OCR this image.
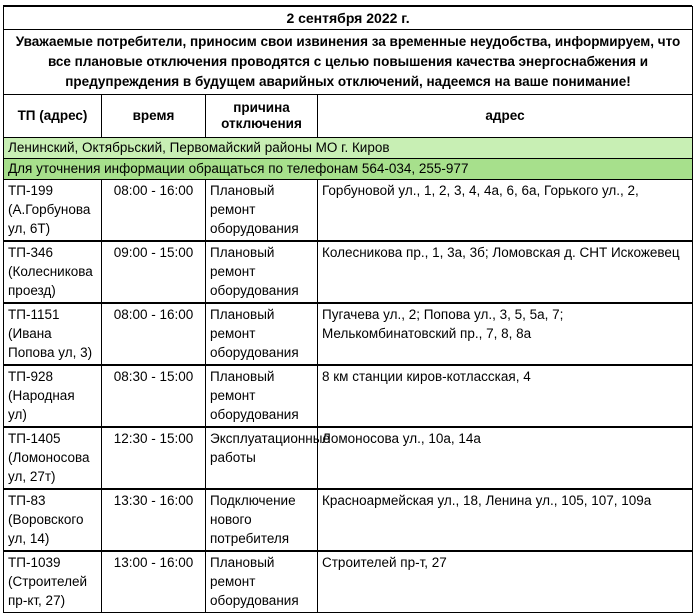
2 сентября 2022 г.			
Уважаемые потребители, приносим свои извинения за временные неудобства, информируем, что все плановые отключения проводятся с целью повышения качества энергоснабжения и предупреждения в будущем аварийных отключений, надеемся на ваше понимание!			
ТП (адрес)	время	причина отключения	адрес
Ленинский, Октябрьский, Первомайский районы МО г. Киров			
Для уточнения информации обращаться по телефонам 564-034, 255-977			
ТП-199 (А.Горбунова ул, 6Т)	08:00 - 16:00	Плановый ремонт оборудования	Горбуновой ул., 1, 2, 3, 4, 4а, 6, 6а, Горького ул., 2,
ТП-346 (Колесникова проезд)	09:00 - 15:00	Плановый ремонт оборудования	Колесникова пр., 1, 3а, 3б; Ломовская д. СНТ Искожевец
ТП-1151 (Ивана Попова ул, 3)	08:00 - 16:00	Плановый ремонт оборудования	Пугачева ул., 2; Попова ул., 3, 5, 5а, 7; Мелькомбинатовский пр., 7, 8, 8а
ТП-928 (Народная ул)	08:30 - 15:00	Плановый ремонт оборудования	8 км станции киров-котласская, 4
ТП-1405 (Ломоносова ул, 27т)	12:30 - 15:00	Эксплуатационные работы	Ломоносова ул., 10а, 14а
ТП-83 (Воровского ул, 14)	13:30 - 16:00	Подключение нового потребителя	Красноармейская ул., 18, Ленина ул., 105, 107, 109а
ТП-1039 (Строителей пр-кт, 27)	13:00 - 16:00	Плановый ремонт оборудования	Строителей пр-т, 27
